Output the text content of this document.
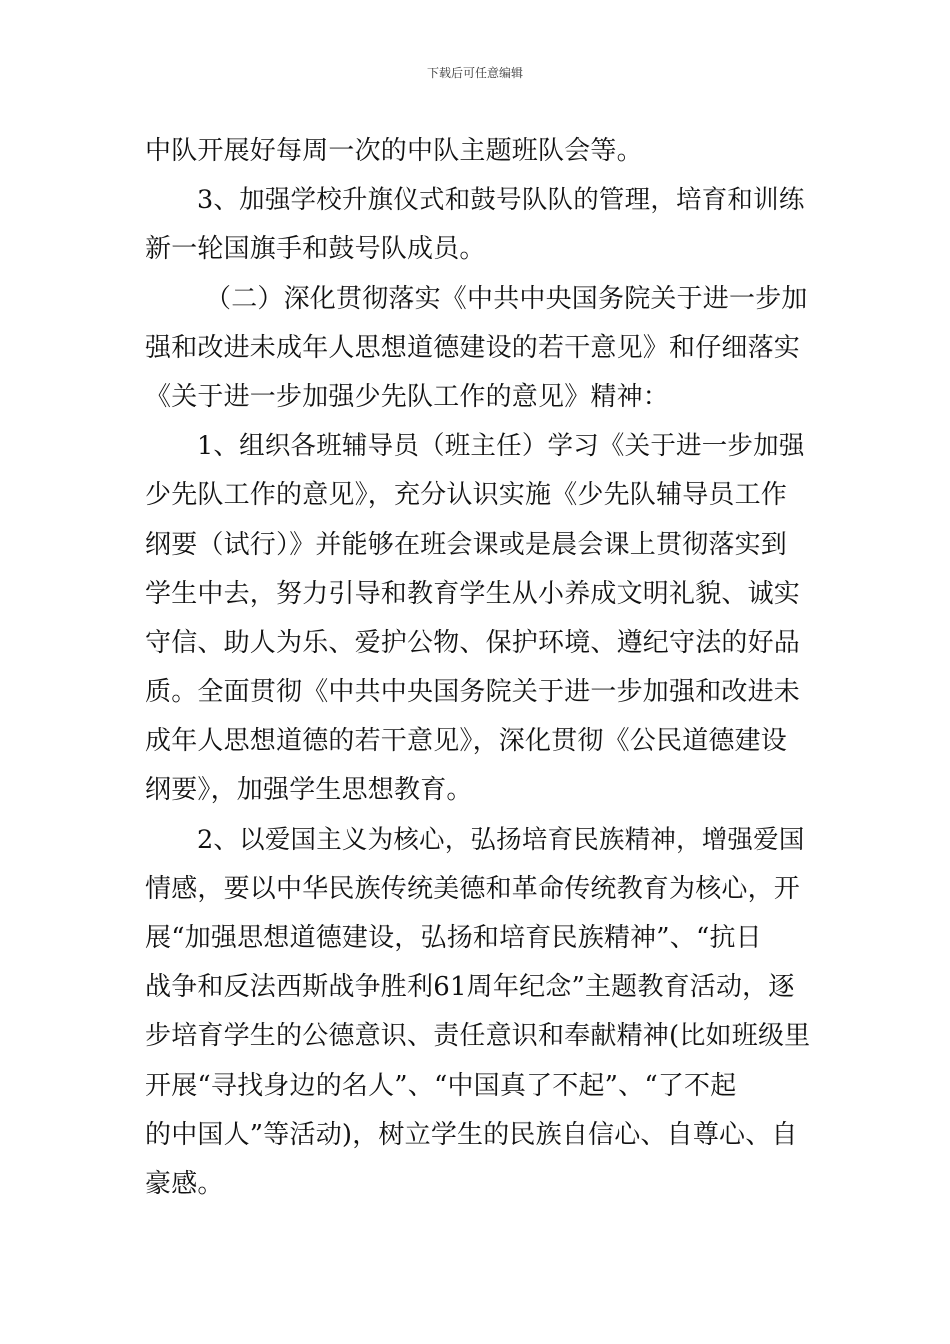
下载后可任意编辑
中队开展好每周一次的中队主题班队会等。
3、加强学校升旗仪式和鼓号队队的管理，培育和训练
新一轮国旗手和鼓号队成员。
（二）深化贯彻落实《中共中央国务院关于进一步加
强和改进未成年人思想道德建设的若干意见》和仔细落实
《关于进一步加强少先队工作的意见》精神：
1、组织各班辅导员（班主任）学习《关于进一步加强
少先队工作的意见》，充分认识实施《少先队辅导员工作
纲要（试行）》并能够在班会课或是晨会课上贯彻落实到
学生中去，努力引导和教育学生从小养成文明礼貌、诚实
守信、助人为乐、爱护公物、保护环境、遵纪守法的好品
质。全面贯彻《中共中央国务院关于进一步加强和改进未
成年人思想道德的若干意见》，深化贯彻《公民道德建设
纲要》，加强学生思想教育。
2、以爱国主义为核心，弘扬培育民族精神，增强爱国
情感，要以中华民族传统美德和革命传统教育为核心，开
展“加强思想道德建设，弘扬和培育民族精神”、“抗日
战争和反法西斯战争胜利61周年纪念”主题教育活动，逐
步培育学生的公德意识、责任意识和奉献精神(比如班级里
开展“寻找身边的名人”、“中国真了不起”、“了不起
的中国人”等活动)，树立学生的民族自信心、自尊心、自
豪感。
